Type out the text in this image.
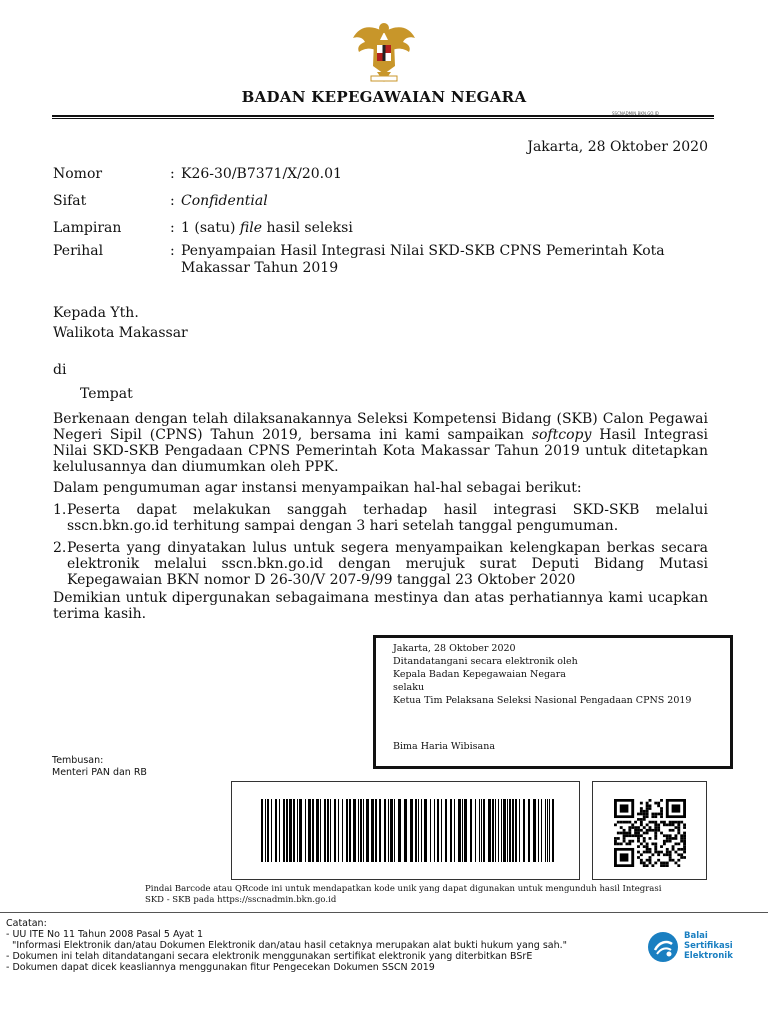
BADAN KEPEGAWAIAN NEGARA
SSCNADMIN.BKN.GO.ID
Jakarta, 28 Oktober 2020
Nomor	: K26-30/B7371/X/20.01
Sifat	: Confidential
Lampiran	: 1 (satu) file hasil seleksi
Perihal	: Penyampaian Hasil Integrasi Nilai SKD-SKB CPNS Pemerintah Kota
Makassar Tahun 2019
Kepada Yth.
Walikota Makassar
di
Tempat
Berkenaan dengan telah dilaksanakannya Seleksi Kompetensi Bidang (SKB) Calon Pegawai Negeri Sipil (CPNS) Tahun 2019, bersama ini kami sampaikan softcopy Hasil Integrasi Nilai SKD-SKB Pengadaan CPNS Pemerintah Kota Makassar Tahun 2019 untuk ditetapkan kelulusannya dan diumumkan oleh PPK.
Dalam pengumuman agar instansi menyampaikan hal-hal sebagai berikut:
1. Peserta dapat melakukan sanggah terhadap hasil integrasi SKD-SKB melalui sscn.bkn.go.id terhitung sampai dengan 3 hari setelah tanggal pengumuman.
2. Peserta yang dinyatakan lulus untuk segera menyampaikan kelengkapan berkas secara elektronik melalui sscn.bkn.go.id dengan merujuk surat Deputi Bidang Mutasi Kepegawaian BKN nomor D 26-30/V 207-9/99 tanggal 23 Oktober 2020
Demikian untuk dipergunakan sebagaimana mestinya dan atas perhatiannya kami ucapkan terima kasih.
Jakarta, 28 Oktober 2020
Ditandatangani secara elektronik oleh
Kepala Badan Kepegawaian Negara
selaku
Ketua Tim Pelaksana Seleksi Nasional Pengadaan CPNS 2019
Bima Haria Wibisana
Tembusan:
Menteri PAN dan RB
Pindai Barcode atau QRcode ini untuk mendapatkan kode unik yang dapat digunakan untuk mengunduh hasil Integrasi
SKD - SKB pada https://sscnadmin.bkn.go.id
Catatan:
- UU ITE No 11 Tahun 2008 Pasal 5 Ayat 1
"Informasi Elektronik dan/atau Dokumen Elektronik dan/atau hasil cetaknya merupakan alat bukti hukum yang sah."
- Dokumen ini telah ditandatangani secara elektronik menggunakan sertifikat elektronik yang diterbitkan BSrE
- Dokumen dapat dicek keasliannya menggunakan fitur Pengecekan Dokumen SSCN 2019
Balai
Sertifikasi
Elektronik
